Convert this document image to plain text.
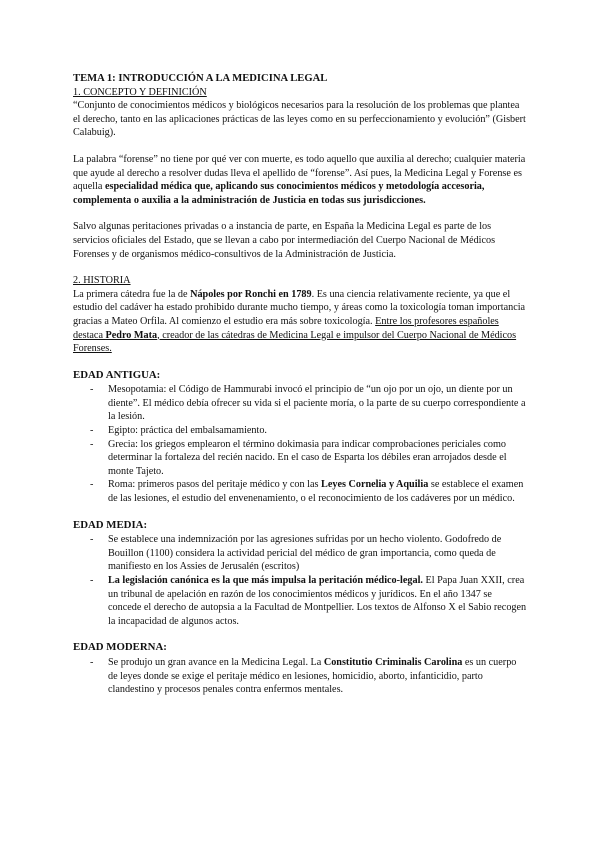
TEMA 1: INTRODUCCIÓN A LA MEDICINA LEGAL

1. CONCEPTO Y DEFINICIÓN

“Conjunto de conocimientos médicos y biológicos necesarios para la resolución de los problemas que plantea el derecho, tanto en las aplicaciones prácticas de las leyes como en su perfeccionamiento y evolución” (Gisbert Calabuig).

La palabra “forense” no tiene por qué ver con muerte, es todo aquello que auxilia al derecho; cualquier materia que ayude al derecho a resolver dudas lleva el apellido de “forense”. Así pues, la Medicina Legal y Forense es aquella especialidad médica que, aplicando sus conocimientos médicos y metodología accesoria, complementa o auxilia a la administración de Justicia en todas sus jurisdicciones.

Salvo algunas peritaciones privadas o a instancia de parte, en España la Medicina Legal es parte de los servicios oficiales del Estado, que se llevan a cabo por intermediación del Cuerpo Nacional de Médicos Forenses y de organismos médico-consultivos de la Administración de Justicia.

2. HISTORIA

La primera cátedra fue la de Nápoles por Ronchi en 1789. Es una ciencia relativamente reciente, ya que el estudio del cadáver ha estado prohibido durante mucho tiempo, y áreas como la toxicología toman importancia gracias a Mateo Orfila. Al comienzo el estudio era más sobre toxicología. Entre los profesores españoles destaca Pedro Mata, creador de las cátedras de Medicina Legal e impulsor del Cuerpo Nacional de Médicos Forenses.

EDAD ANTIGUA:

- Mesopotamia: el Código de Hammurabi invocó el principio de “un ojo por un ojo, un diente por un diente”. El médico debía ofrecer su vida si el paciente moría, o la parte de su cuerpo correspondiente a la lesión.
- Egipto: práctica del embalsamamiento.
- Grecia: los griegos emplearon el término dokimasia para indicar comprobaciones periciales como determinar la fortaleza del recién nacido. En el caso de Esparta los débiles eran arrojados desde el monte Tajeto.
- Roma: primeros pasos del peritaje médico y con las Leyes Cornelia y Aquilia se establece el examen de las lesiones, el estudio del envenenamiento, o el reconocimiento de los cadáveres por un médico.

EDAD MEDIA:

- Se establece una indemnización por las agresiones sufridas por un hecho violento. Godofredo de Bouillon (1100) considera la actividad pericial del médico de gran importancia, como queda de manifiesto en los Assies de Jerusalén (escritos)
- La legislación canónica es la que más impulsa la peritación médico-legal. El Papa Juan XXII, crea un tribunal de apelación en razón de los conocimientos médicos y jurídicos. En el año 1347 se concede el derecho de autopsia a la Facultad de Montpellier. Los textos de Alfonso X el Sabio recogen la incapacidad de algunos actos.

EDAD MODERNA:

- Se produjo un gran avance en la Medicina Legal. La Constitutio Criminalis Carolina es un cuerpo de leyes donde se exige el peritaje médico en lesiones, homicidio, aborto, infanticidio, parto clandestino y procesos penales contra enfermos mentales.
